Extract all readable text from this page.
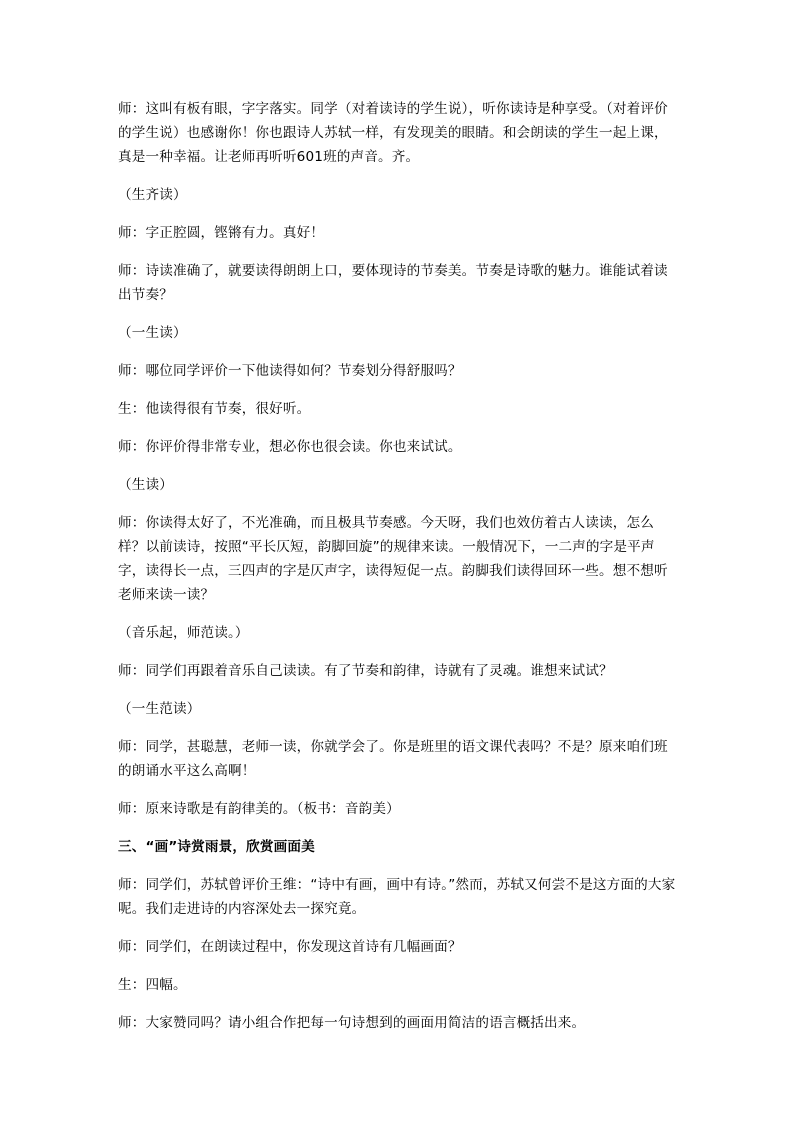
师：这叫有板有眼，字字落实。同学（对着读诗的学生说），听你读诗是种享受。（对着评价的学生说）也感谢你！你也跟诗人苏轼一样，有发现美的眼睛。和会朗读的学生一起上课，真是一种幸福。让老师再听听601班的声音。齐。

（生齐读）

师：字正腔圆，铿锵有力。真好！

师：诗读准确了，就要读得朗朗上口，要体现诗的节奏美。节奏是诗歌的魅力。谁能试着读出节奏？

（一生读）

师：哪位同学评价一下他读得如何？节奏划分得舒服吗？

生：他读得很有节奏，很好听。

师：你评价得非常专业，想必你也很会读。你也来试试。

（生读）

师：你读得太好了，不光准确，而且极具节奏感。今天呀，我们也效仿着古人读读，怎么样？以前读诗，按照“平长仄短，韵脚回旋”的规律来读。一般情况下，一二声的字是平声字，读得长一点，三四声的字是仄声字，读得短促一点。韵脚我们读得回环一些。想不想听老师来读一读？

（音乐起，师范读。）

师：同学们再跟着音乐自己读读。有了节奏和韵律，诗就有了灵魂。谁想来试试？

（一生范读）

师：同学，甚聪慧，老师一读，你就学会了。你是班里的语文课代表吗？不是？原来咱们班的朗诵水平这么高啊！

师：原来诗歌是有韵律美的。（板书：音韵美）

三、“画”诗赏雨景，欣赏画面美

师：同学们，苏轼曾评价王维：“诗中有画，画中有诗。”然而，苏轼又何尝不是这方面的大家呢。我们走进诗的内容深处去一探究竟。

师：同学们，在朗读过程中，你发现这首诗有几幅画面？

生：四幅。

师：大家赞同吗？请小组合作把每一句诗想到的画面用简洁的语言概括出来。
